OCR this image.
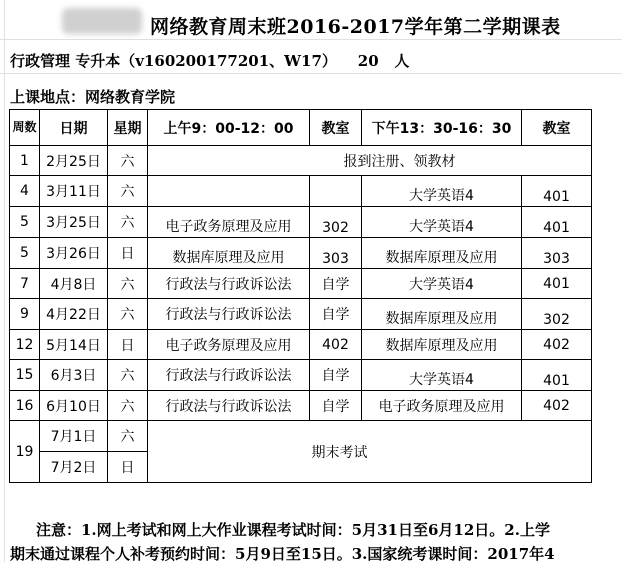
网络教育周末班2016-2017学年第二学期课表
行政管理 专升本（v160200177201、W17）    20   人
上课地点：网络教育学院
周数	日期	星期	上午9：00-12：00	教室	下午13：30-16：30	教室
1	2月25日	六	报到注册、领教材			
4	3月11日	六			大学英语4	401
5	3月25日	六	电子政务原理及应用	302	大学英语4	401
5	3月26日	日	数据库原理及应用	303	数据库原理及应用	303
7	4月8日	六	行政法与行政诉讼法	自学	大学英语4	401
9	4月22日	六	行政法与行政诉讼法	自学	数据库原理及应用	302
12	5月14日	日	电子政务原理及应用	402	数据库原理及应用	402
15	6月3日	六	行政法与行政诉讼法	自学	大学英语4	401
16	6月10日	六	行政法与行政诉讼法	自学	电子政务原理及应用	402
19	7月1日	六	期末考试			
	7月2日	日				
注意：1.网上考试和网上大作业课程考试时间：5月31日至6月12日。2.上学
期末通过课程个人补考预约时间：5月9日至15日。3.国家统考课时间：2017年4
